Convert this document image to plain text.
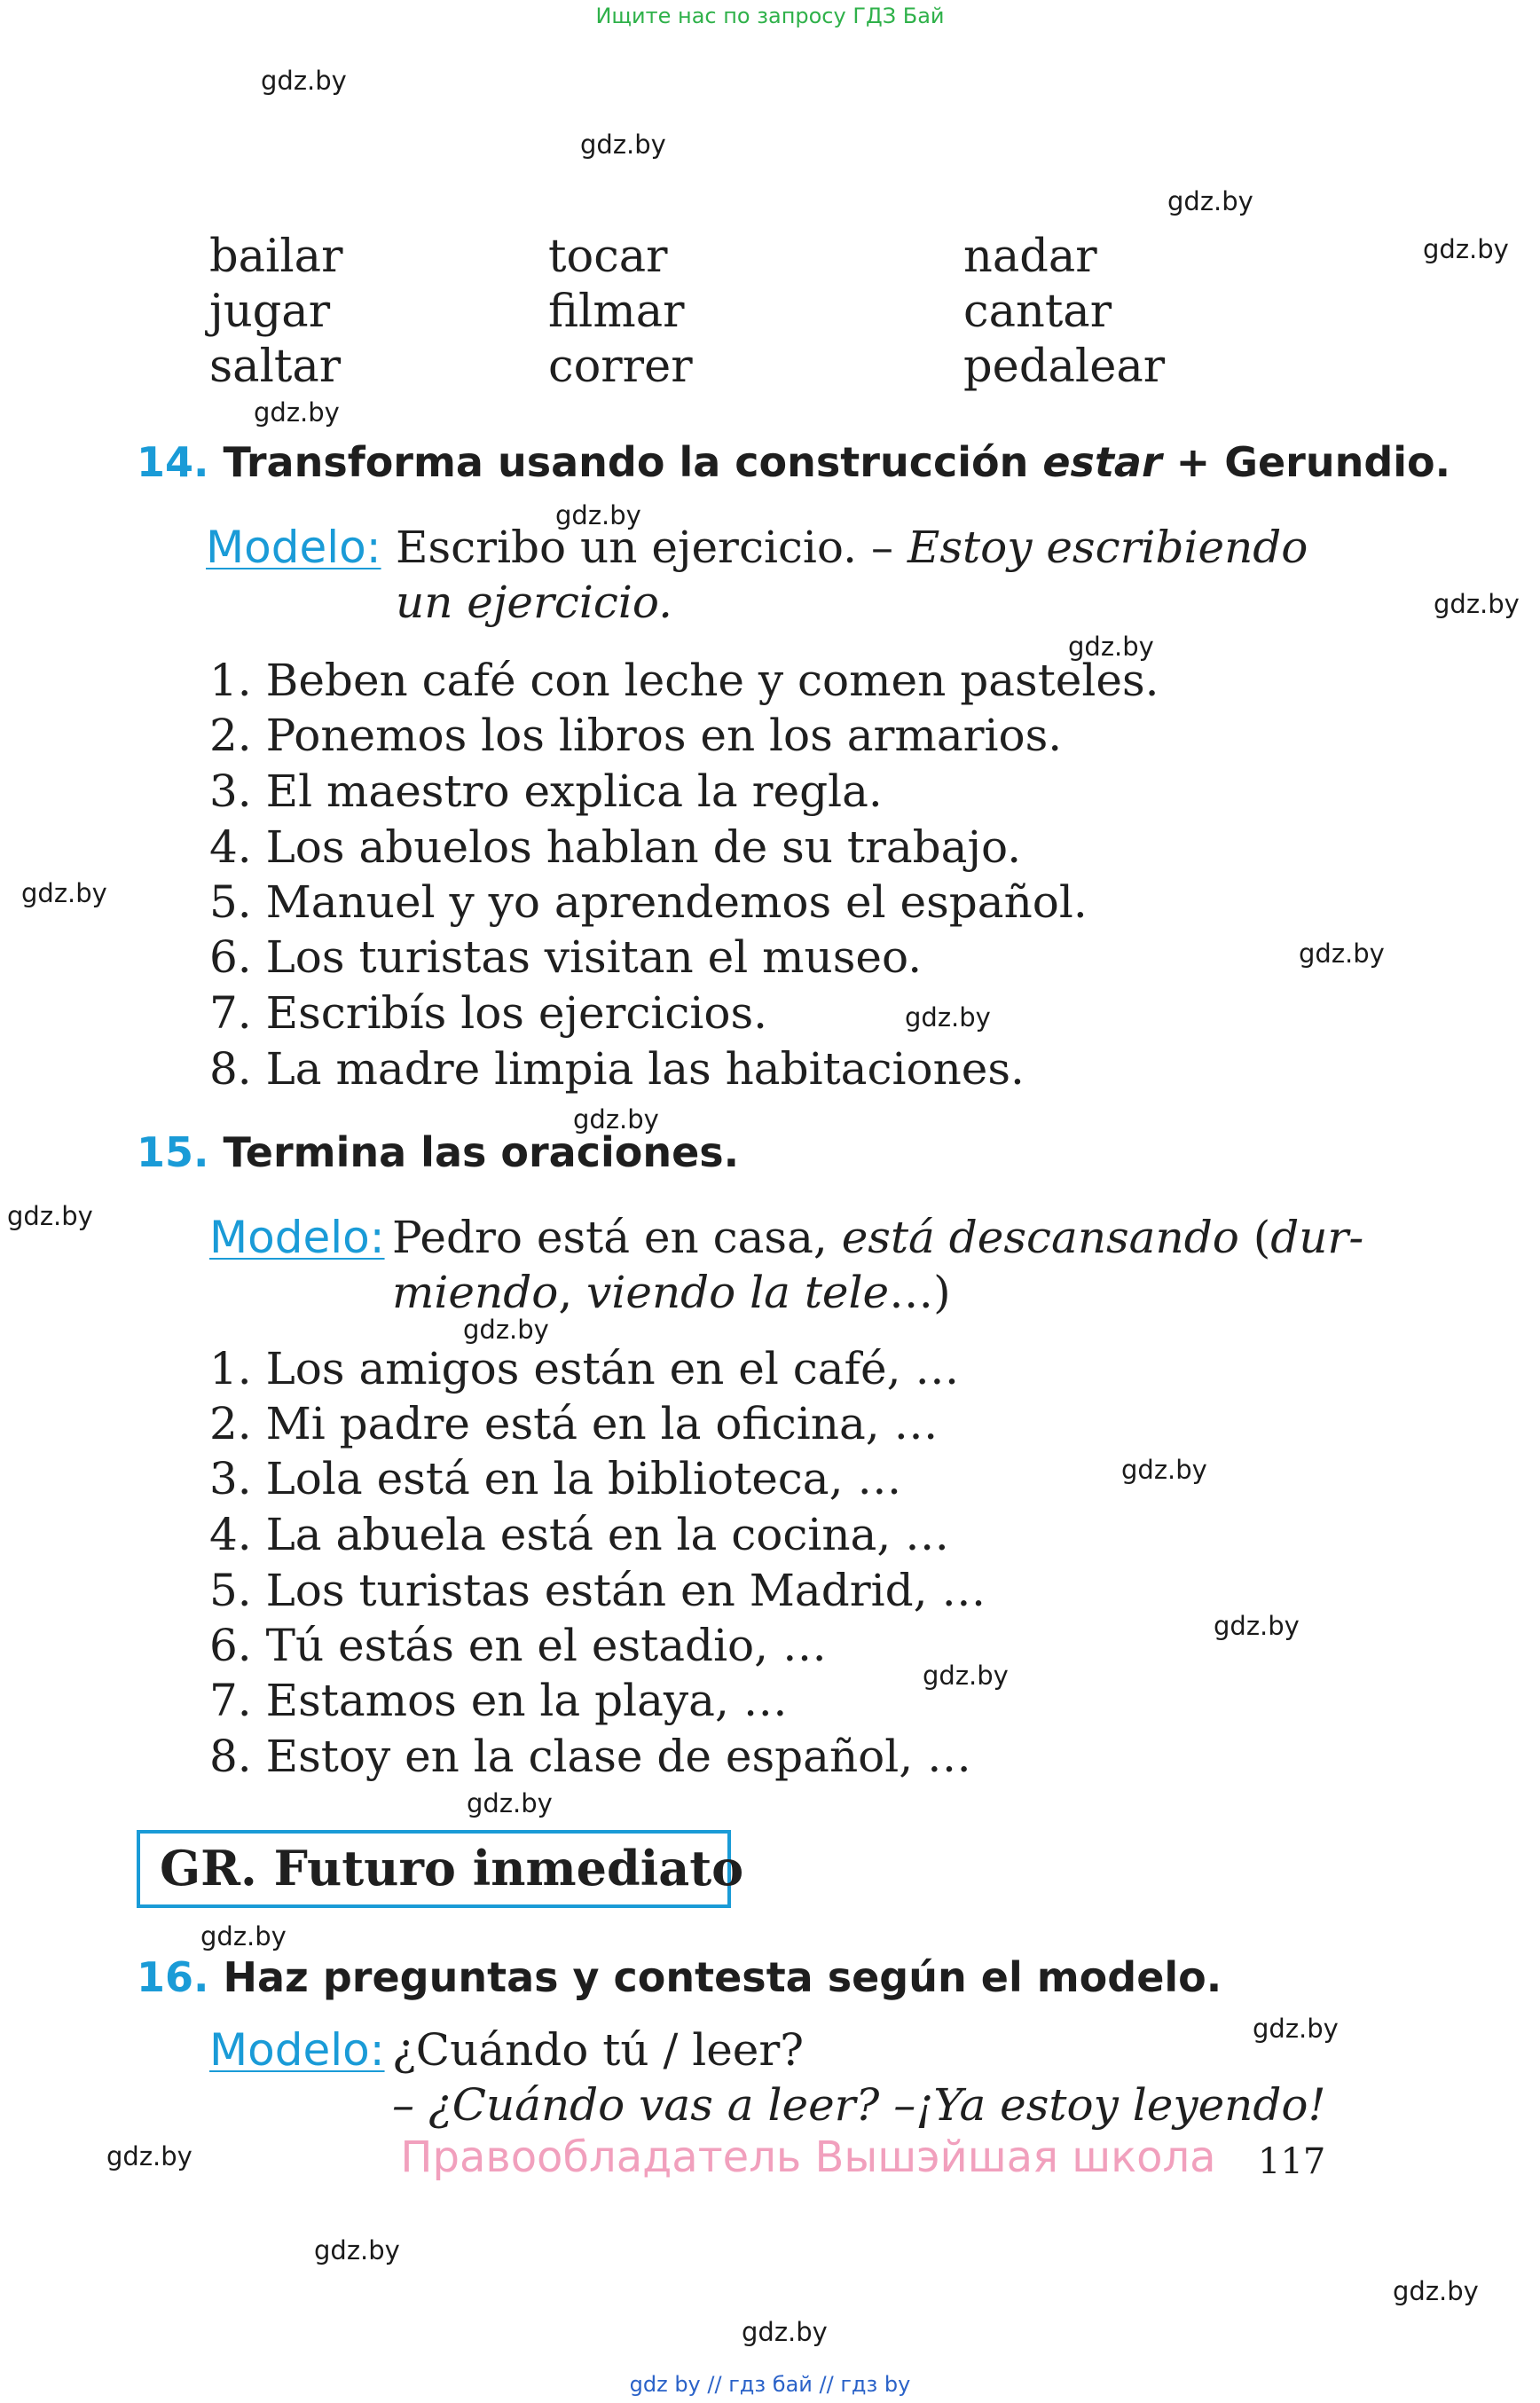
Ищите нас по запросу ГДЗ Бай
gdz.by
gdz.by
gdz.by
gdz.by
gdz.by
gdz.by
gdz.by
gdz.by
gdz.by
gdz.by
gdz.by
gdz.by
gdz.by
gdz.by
gdz.by
gdz.by
gdz.by
gdz.by
gdz.by
gdz.by
gdz.by
gdz.by
gdz.by
gdz.by
bailar	tocar	nadar
jugar	filmar	cantar
saltar	correr	pedalear
14. Transforma usando la construcción estar + Gerundio.
Modelo: Escribo un ejercicio. – Estoy escribiendo
un ejercicio.
1. Beben café con leche y comen pasteles.
2. Ponemos los libros en los armarios.
3. El maestro explica la regla.
4. Los abuelos hablan de su trabajo.
5. Manuel y yo aprendemos el español.
6. Los turistas visitan el museo.
7. Escribís los ejercicios.
8. La madre limpia las habitaciones.
15. Termina las oraciones.
Modelo: Pedro está en casa, está descansando (dur-
miendo, viendo la tele…)
1. Los amigos están en el café, …
2. Mi padre está en la oficina, …
3. Lola está en la biblioteca, …
4. La abuela está en la cocina, …
5. Los turistas están en Madrid, …
6. Tú estás en el estadio, …
7. Estamos en la playa, …
8. Estoy en la clase de español, …
GR. Futuro inmediato
16. Haz preguntas y contesta según el modelo.
Modelo: ¿Cuándo tú / leer?
– ¿Cuándo vas a leer? –¡Ya estoy leyendo!
Правообладатель Вышэйшая школа	117
gdz by // гдз бай // гдз by
